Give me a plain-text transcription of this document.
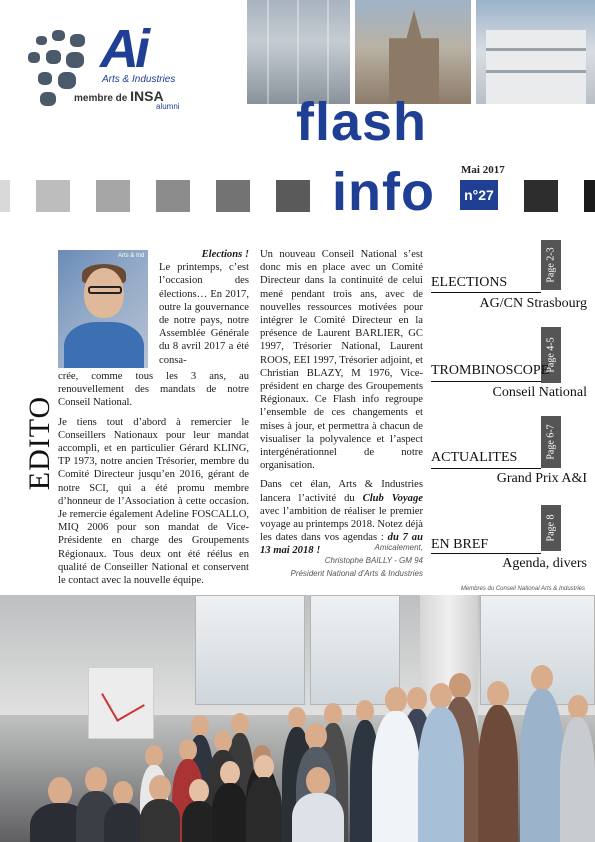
Ai
Arts & Industries
membre de INSA
alumni flash
info Mai 2017
n°27
EDITO
Arts & Ind	Elections !
Le printemps, c’est l’occasion des élections… En 2017, outre la gouvernance de notre pays, notre Assemblée Générale du 8 avril 2017 a été consa-
crée, comme tous les 3 ans, au renouvellement des mandats de notre Conseil National.
Je tiens tout d’abord à remercier le Conseillers Nationaux pour leur mandat accompli, et en particulier Gérard KLING, TP 1973, notre ancien Trésorier, membre du Comité Directeur jusqu’en 2016, gérant de notre SCI, qui a été promu membre d’honneur de l’Association à cette occasion. Je remercie également Adeline FOSCALLO, MIQ 2006 pour son mandat de Vice-Présidente en charge des Groupements Régionaux. Tous deux ont été réélus en qualité de Conseiller National et conservent le contact avec la nouvelle équipe.
Un nouveau Conseil National s’est donc mis en place avec un Comité Directeur dans la continuité de celui mené pendant trois ans, avec de nouvelles ressources motivées pour intégrer le Comité Directeur en la présence de Laurent BARLIER, GC 1997, Trésorier National, Laurent ROOS, EEI 1997, Trésorier adjoint, et Christian BLAZY, M 1976, Vice-président en charge des Groupements Régionaux. Ce Flash info regroupe l’ensemble de ces changements et mises à jour, et permettra à chacun de visualiser la polyvalence et l’aspect intergénérationnel de notre organisation.
Dans cet élan, Arts & Industries lancera l’activité du Club Voyage avec l’ambition de réaliser le premier voyage au printemps 2018. Notez déjà les dates dans vos agendas : du 7 au 13 mai 2018 !	Amicalement,
Christophe BAILLY - GM 94
Président National d’Arts & Industries
Page 2-3
ELECTIONS
AG/CN Strasbourg
Page 4-5
TROMBINOSCOPE
Conseil National
Page 6-7
ACTUALITES
Grand Prix A&I
Page 8
EN BREF
Agenda, divers
Membres du Conseil National Arts & Industries
